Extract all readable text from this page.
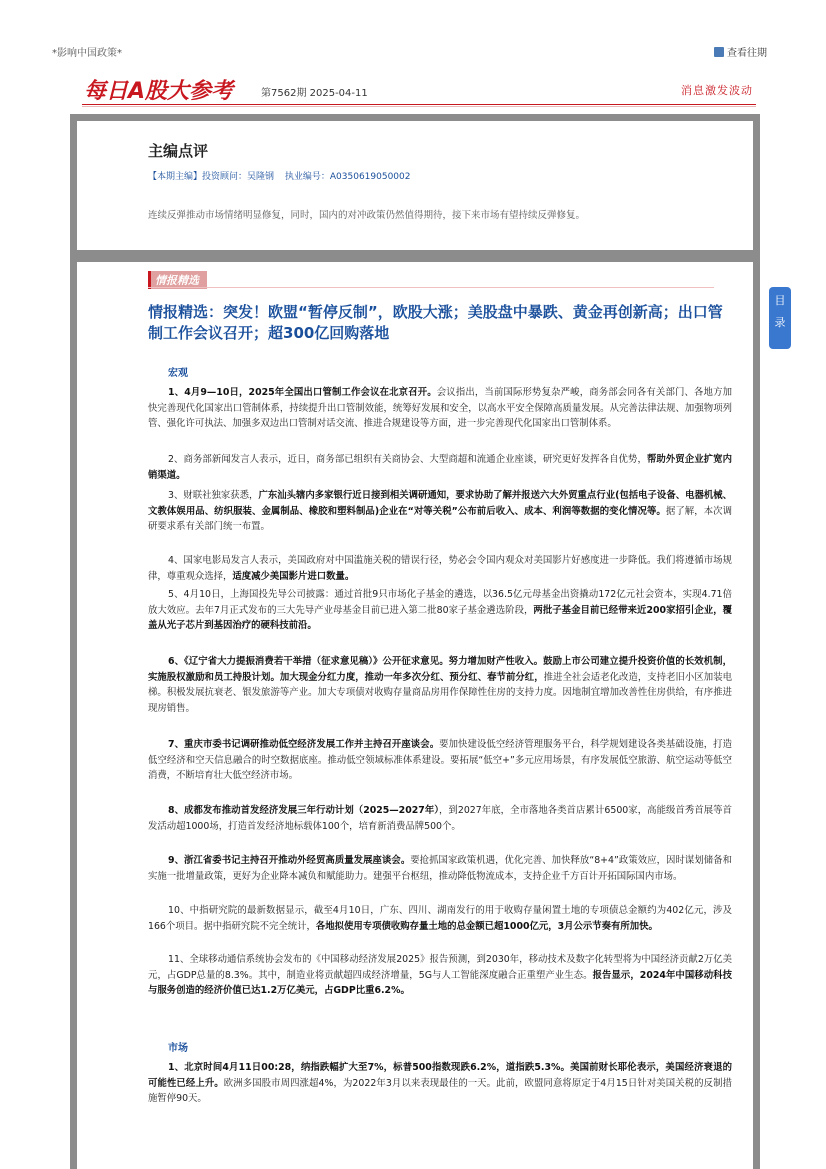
*影响中国政策*	查看往期
每日A股大参考	第7562期 2025-04-11	消息激发波动
主编点评
【本期主编】投资顾问：吴隆钢 执业编号：A0350619050002
连续反弹推动市场情绪明显修复，同时，国内的对冲政策仍然值得期待，接下来市场有望持续反弹修复。
情报精选
情报精选：突发！欧盟“暂停反制”，欧股大涨；美股盘中暴跌、黄金再创新高；出口管制工作会议召开；超300亿回购落地
宏观
1、4月9—10日，2025年全国出口管制工作会议在北京召开。会议指出，当前国际形势复杂严峻，商务部会同各有关部门、各地方加快完善现代化国家出口管制体系，持续提升出口管制效能，统筹好发展和安全，以高水平安全保障高质量发展。从完善法律法规、加强物项列管、强化许可执法、加强多双边出口管制对话交流、推进合规建设等方面，进一步完善现代化国家出口管制体系。
2、商务部新闻发言人表示，近日，商务部已组织有关商协会、大型商超和流通企业座谈，研究更好发挥各自优势，帮助外贸企业扩宽内销渠道。
3、财联社独家获悉，广东汕头辖内多家银行近日接到相关调研通知，要求协助了解并报送六大外贸重点行业(包括电子设备、电器机械、文教体娱用品、纺织服装、金属制品、橡胶和塑料制品)企业在“对等关税”公布前后收入、成本、利润等数据的变化情况等。据了解，本次调研要求系有关部门统一布置。
4、国家电影局发言人表示，美国政府对中国滥施关税的错误行径，势必会令国内观众对美国影片好感度进一步降低。我们将遵循市场规律，尊重观众选择，适度减少美国影片进口数量。
5、4月10日，上海国投先导公司披露：通过首批9只市场化子基金的遴选，以36.5亿元母基金出资撬动172亿元社会资本，实现4.71倍放大效应。去年7月正式发布的三大先导产业母基金目前已进入第二批80家子基金遴选阶段，两批子基金目前已经带来近200家招引企业，覆盖从光子芯片到基因治疗的硬科技前沿。
6、《辽宁省大力提振消费若干举措（征求意见稿）》公开征求意见。努力增加财产性收入。鼓励上市公司建立提升投资价值的长效机制，实施股权激励和员工持股计划。加大现金分红力度，推动一年多次分红、预分红、春节前分红，推进全社会适老化改造，支持老旧小区加装电梯。积极发展抗衰老、银发旅游等产业。加大专项债对收购存量商品房用作保障性住房的支持力度。因地制宜增加改善性住房供给，有序推进现房销售。
7、重庆市委书记调研推动低空经济发展工作并主持召开座谈会。要加快建设低空经济管理服务平台，科学规划建设各类基础设施，打造低空经济和空天信息融合的时空数据底座。推动低空领域标准体系建设。要拓展“低空+”多元应用场景，有序发展低空旅游、航空运动等低空消费，不断培育壮大低空经济市场。
8、成都发布推动首发经济发展三年行动计划（2025—2027年），到2027年底，全市落地各类首店累计6500家，高能级首秀首展等首发活动超1000场，打造首发经济地标载体100个，培育新消费品牌500个。
9、浙江省委书记主持召开推动外经贸高质量发展座谈会。要抢抓国家政策机遇，优化完善、加快释放“8+4”政策效应，因时谋划储备和实施一批增量政策，更好为企业降本减负和赋能助力。建强平台枢纽，推动降低物流成本，支持企业千方百计开拓国际国内市场。
10、中指研究院的最新数据显示，截至4月10日，广东、四川、湖南发行的用于收购存量闲置土地的专项债总金额约为402亿元，涉及166个项目。据中指研究院不完全统计，各地拟使用专项债收购存量土地的总金额已超1000亿元，3月公示节奏有所加快。
11、全球移动通信系统协会发布的《中国移动经济发展2025》报告预测，到2030年，移动技术及数字化转型将为中国经济贡献2万亿美元，占GDP总量的8.3%。其中，制造业将贡献超四成经济增量，5G与人工智能深度融合正重塑产业生态。报告显示，2024年中国移动科技与服务创造的经济价值已达1.2万亿美元，占GDP比重6.2%。
市场
1、北京时间4月11日00:28，纳指跌幅扩大至7%，标普500指数现跌6.2%，道指跌5.3%。美国前财长耶伦表示，美国经济衰退的可能性已经上升。欧洲多国股市周四涨超4%，为2022年3月以来表现最佳的一天。此前，欧盟同意将原定于4月15日针对美国关税的反制措施暂停90天。
目
录
